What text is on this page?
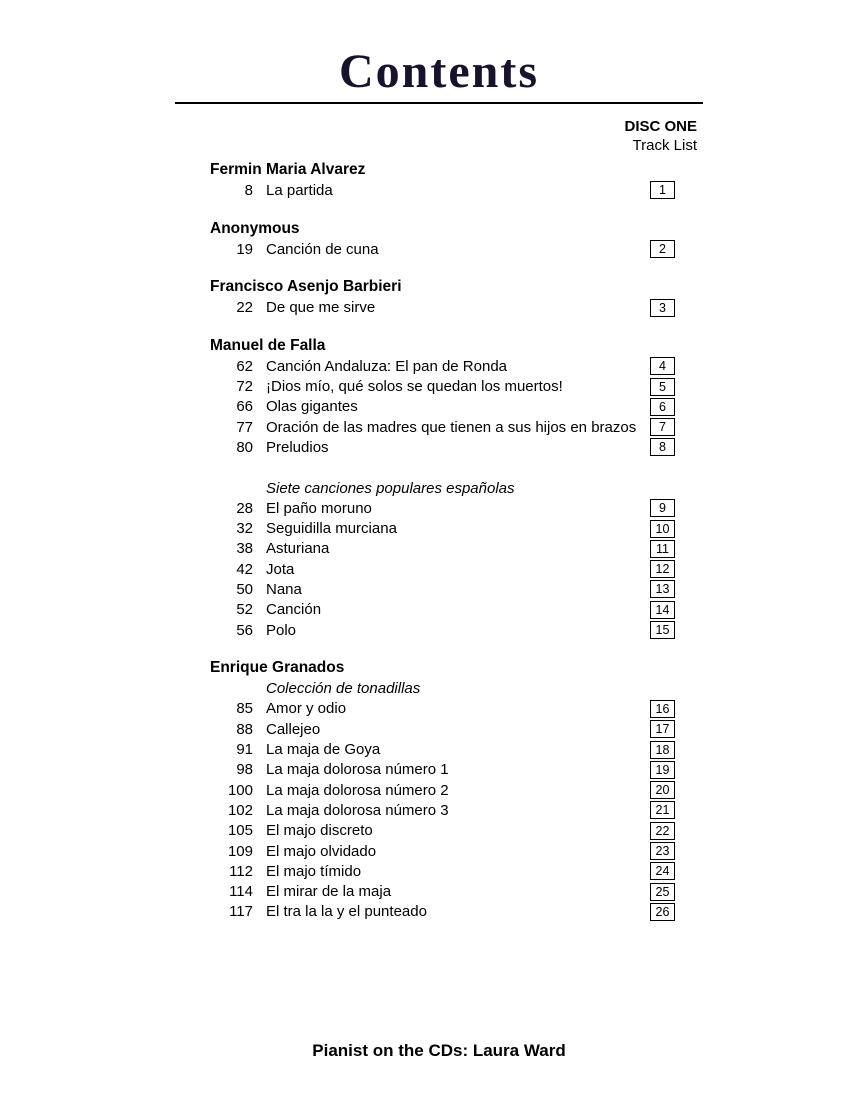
Contents
DISC ONE
Track List
Fermin Maria Alvarez
8 La partida	1
Anonymous
19 Canción de cuna	2
Francisco Asenjo Barbieri
22 De que me sirve	3
Manuel de Falla
62 Canción Andaluza: El pan de Ronda	4
72 ¡Dios mío, qué solos se quedan los muertos!	5
66 Olas gigantes	6
77 Oración de las madres que tienen a sus hijos en brazos	7
80 Preludios	8
Siete canciones populares españolas
28 El paño moruno	9
32 Seguidilla murciana	10
38 Asturiana	11
42 Jota	12
50 Nana	13
52 Canción	14
56 Polo	15
Enrique Granados
Colección de tonadillas
85 Amor y odio	16
88 Callejeo	17
91 La maja de Goya	18
98 La maja dolorosa número 1	19
100 La maja dolorosa número 2	20
102 La maja dolorosa número 3	21
105 El majo discreto	22
109 El majo olvidado	23
112 El majo tímido	24
114 El mirar de la maja	25
117 El tra la la y el punteado	26
Pianist on the CDs: Laura Ward
